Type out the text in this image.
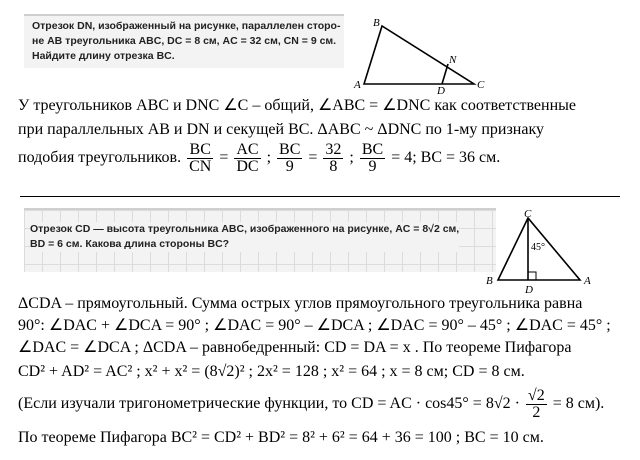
Отрезок DN, изображенный на рисунке, параллелен сторо-
не AB треугольника ABC, DC = 8 см, AC = 32 см, CN = 9 см.
Найдите длину отрезка BC.
B
N
A	D	C
У треугольников ABC и DNC ∠C – общий, ∠ABC = ∠DNC как соответственные
при параллельных AB и DN и секущей BC. ΔABC ~ ΔDNC по 1-му признаку
подобия треугольников. $\frac{BC}{CN} = \frac{AC}{DC}$ ; $\frac{BC}{9} = \frac{32}{8}$ ; $\frac{BC}{9} = 4$; BC = 36 см.
Отрезок CD — высота треугольника ABC, изображенного на рисунке, AC = 8√2 см,
BD = 6 см. Какова длина стороны BC?
C
45°
B
D
A
ΔCDA – прямоугольный. Сумма острых углов прямоугольного треугольника равна
90°: ∠DAC + ∠DCA = 90° ; ∠DAC = 90° – ∠DCA ; ∠DAC = 90° – 45° ; ∠DAC = 45° ;
∠DAC = ∠DCA ; ΔCDA – равнобедренный: CD = DA = x . По теореме Пифагора
CD² + AD² = AC² ; x² + x² = (8√2)² ; 2x² = 128 ; x² = 64 ; x = 8 см; CD = 8 см.
(Если изучали тригонометрические функции, то CD = AC · $\cos 45^\circ = 8√2 \cdot \frac{√2}{2} = 8$ см).
По теореме Пифагора BC² = CD² + BD² = 8² + 6² = 64 + 36 = 100 ; BC = 10 см.
